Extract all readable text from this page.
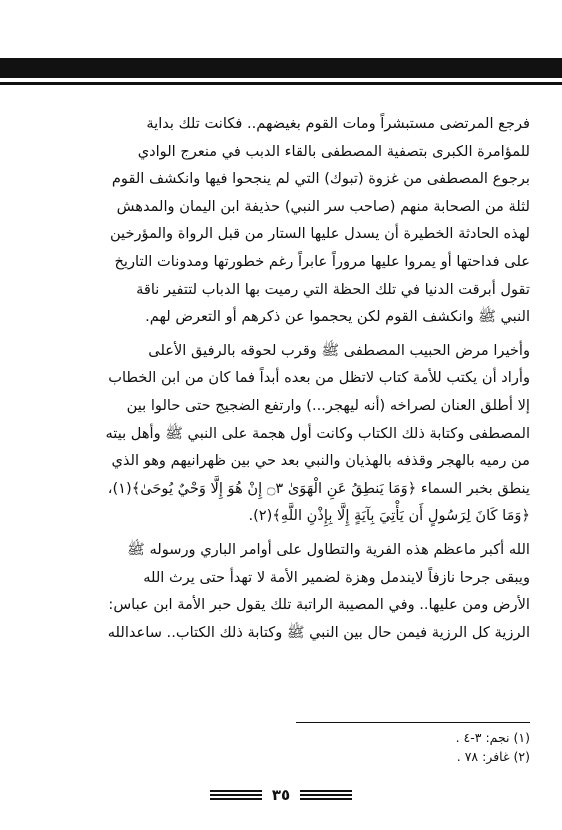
فرجع المرتضى مستبشراً ومات القوم بغيضهم.. فكانت تلك بداية

للمؤامرة الكبرى بتصفية المصطفى بالقاء الدبب في منعرج الوادي

برجوع المصطفى من غزوة (تبوك) التي لم ينجحوا فيها وانكشف القوم

لثلة من الصحابة منهم (صاحب سر النبي) حذيفة ابن اليمان والمدهش

لهذه الحادثة الخطيرة أن يسدل عليها الستار من قبل الرواة والمؤرخين

على فداحتها أو يمروا عليها مروراً عابراً رغم خطورتها ومدونات التاريخ

تقول أبرقت الدنيا في تلك الحظة التي رميت بها الدباب لتتفير ناقة

النبي ﷺ وانكشف القوم لكن يحجموا عن ذكرهم أو التعرض لهم.

وأخيرا مرض الحبيب المصطفى ﷺ وقرب لحوقه بالرفيق الأعلى

وأراد أن يكتب للأمة كتاب لاتظل من بعده أبداً فما كان من ابن الخطاب

إلا أطلق العنان لصراخه (أنه ليهجر...) وارتفع الضجيج حتى حالوا بين

المصطفى وكتابة ذلك الكتاب وكانت أول هجمة على النبي ﷺ وأهل بيته

من رميه بالهجر وقذفه بالهذيان والنبي بعد حي بين ظهرانيهم وهو الذي

ينطق بخبر السماء ﴿وَمَا يَنطِقُ عَنِ الْهَوَىٰ ۝٣ إِنْ هُوَ إِلَّا وَحْيٌ يُوحَىٰ﴾(١)،

﴿وَمَا كَانَ لِرَسُولٍ أَن يَأْتِيَ بِآيَةٍ إِلَّا بِإِذْنِ اللَّهِ﴾(٢).

الله أكبر ماعظم هذه الفرية والتطاول على أوامر الباري ورسوله ﷺ

ويبقى جرحا نازفاً لايندمل وهزة لضمير الأمة لا تهدأ حتى يرث الله

الأرض ومن عليها.. وفي المصيبة الراتبة تلك يقول حبر الأمة ابن عباس:

الرزية كل الرزية فيمن حال بين النبي ﷺ وكتابة ذلك الكتاب.. ساعدالله

(١) نجم: ٣-٤ .
(٢) غافر: ٧٨ .
٣٥
